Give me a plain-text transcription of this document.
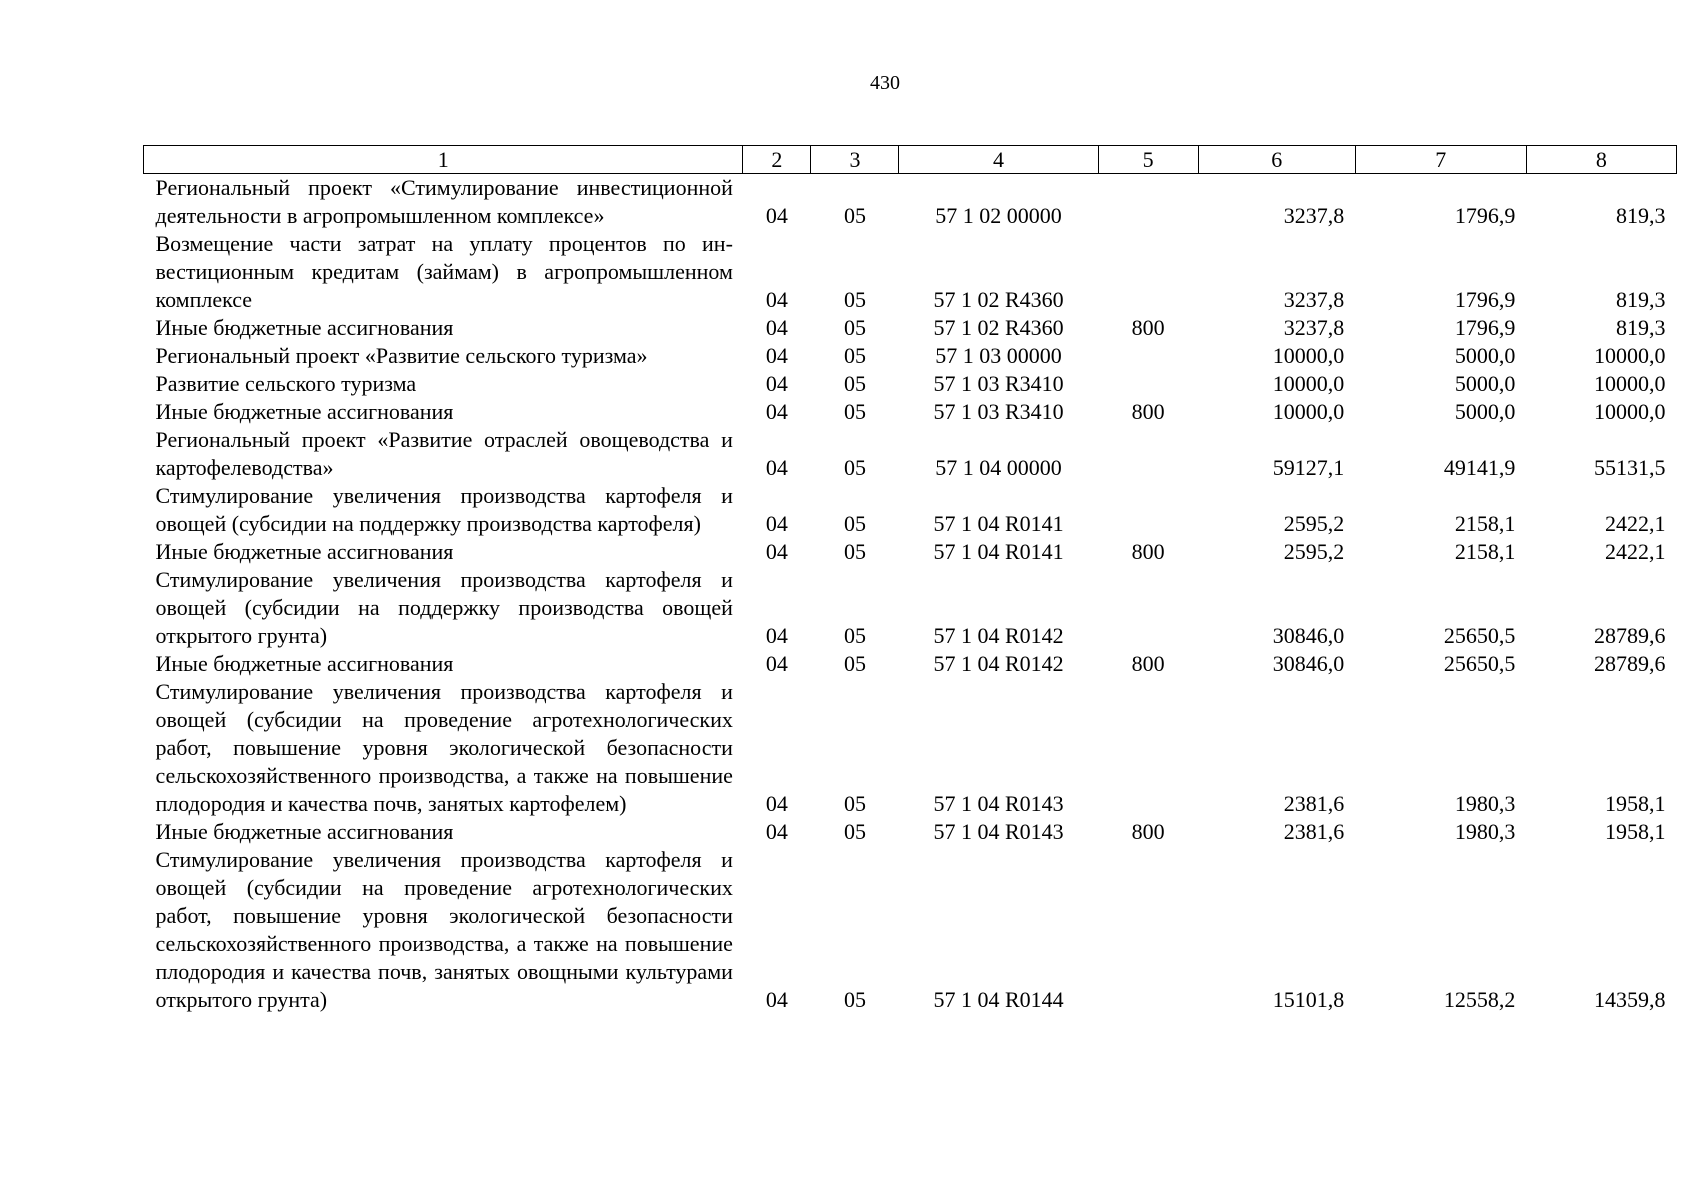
430
1	2	3	4	5	6	7	8
Региональный проект «Стимулирование инвестиционной деятельности в агропромышленном комплексе»	04	05	57 1 02 00000		3237,8	1796,9	819,3
Возмещение части затрат на уплату процентов по инвестиционным кредитам (займам) в агропромышленном комплексе	04	05	57 1 02 R4360		3237,8	1796,9	819,3
Иные бюджетные ассигнования	04	05	57 1 02 R4360	800	3237,8	1796,9	819,3
Региональный проект «Развитие сельского туризма»	04	05	57 1 03 00000		10000,0	5000,0	10000,0
Развитие сельского туризма	04	05	57 1 03 R3410		10000,0	5000,0	10000,0
Иные бюджетные ассигнования	04	05	57 1 03 R3410	800	10000,0	5000,0	10000,0
Региональный проект «Развитие отраслей овощеводства и картофелеводства»	04	05	57 1 04 00000		59127,1	49141,9	55131,5
Стимулирование увеличения производства картофеля и овощей (субсидии на поддержку производства картофеля)	04	05	57 1 04 R0141		2595,2	2158,1	2422,1
Иные бюджетные ассигнования	04	05	57 1 04 R0141	800	2595,2	2158,1	2422,1
Стимулирование увеличения производства картофеля и овощей (субсидии на поддержку производства овощей открытого грунта)	04	05	57 1 04 R0142		30846,0	25650,5	28789,6
Иные бюджетные ассигнования	04	05	57 1 04 R0142	800	30846,0	25650,5	28789,6
Стимулирование увеличения производства картофеля и овощей (субсидии на проведение агротехнологических работ, повышение уровня экологической безопасности сельскохозяйственного производства, а также на повышение плодородия и качества почв, занятых картофелем)	04	05	57 1 04 R0143		2381,6	1980,3	1958,1
Иные бюджетные ассигнования	04	05	57 1 04 R0143	800	2381,6	1980,3	1958,1
Стимулирование увеличения производства картофеля и овощей (субсидии на проведение агротехнологических работ, повышение уровня экологической безопасности сельскохозяйственного производства, а также на повышение плодородия и качества почв, занятых овощными культурами открытого грунта)	04	05	57 1 04 R0144		15101,8	12558,2	14359,8
